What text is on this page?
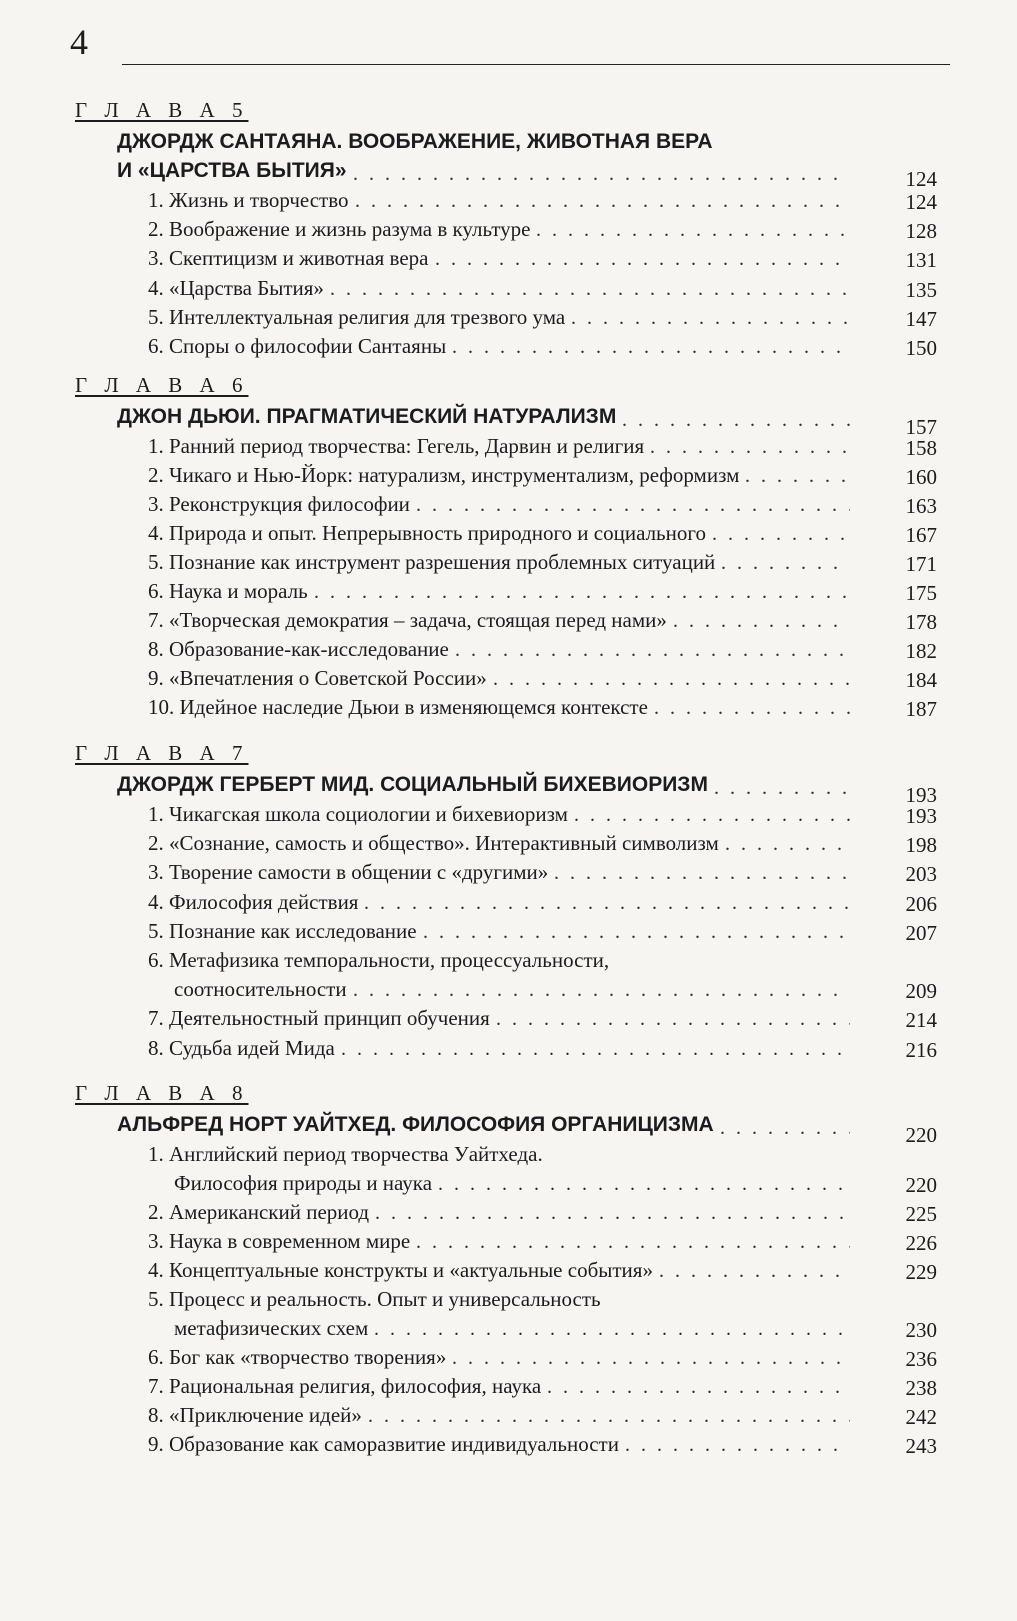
4
Г Л А В А 5
ДЖОРДЖ САНТАЯНА. ВООБРАЖЕНИЕ, ЖИВОТНАЯ ВЕРА
И «ЦАРСТВА БЫТИЯ»	124
. . .
1. Жизнь и творчество	124
. . .
2. Воображение и жизнь разума в культуре	128
. . .
3. Скептицизм и животная вера	131
. . .
4. «Царства Бытия»	135
. . .
5. Интеллектуальная религия для трезвого ума	147
. . .
6. Споры о философии Сантаяны	150
. . .
Г Л А В А 6
ДЖОН ДЬЮИ. ПРАГМАТИЧЕСКИЙ НАТУРАЛИЗМ	157
. . .
1. Ранний период творчества: Гегель, Дарвин и религия	158
. . .
2. Чикаго и Нью-Йорк: натурализм, инструментализм, реформизм	160
. . .
3. Реконструкция философии	163
. . .
4. Природа и опыт. Непрерывность природного и социального	167
. . .
5. Познание как инструмент разрешения проблемных ситуаций	171
. . .
6. Наука и мораль	175
. . .
7. «Творческая демократия – задача, стоящая перед нами»	178
. . .
8. Образование-как-исследование	182
. . .
9. «Впечатления о Советской России»	184
. . .
10. Идейное наследие Дьюи в изменяющемся контексте	187
. . .
Г Л А В А 7
ДЖОРДЖ ГЕРБЕРТ МИД. СОЦИАЛЬНЫЙ БИХЕВИОРИЗМ	193
. . .
1. Чикагская школа социологии и бихевиоризм	193
. . .
2. «Сознание, самость и общество». Интерактивный символизм	198
. . .
3. Творение самости в общении с «другими»	203
. . .
4. Философия действия	206
. . .
5. Познание как исследование	207
. . .
6. Метафизика темпоральности, процессуальности,
соотносительности	209
. . .
7. Деятельностный принцип обучения	214
. . .
8. Судьба идей Мида	216
. . .
Г Л А В А 8
АЛЬФРЕД НОРТ УАЙТХЕД. ФИЛОСОФИЯ ОРГАНИЦИЗМА	220
. . .
1. Английский период творчества Уайтхеда.
Философия природы и наука	220
. . .
2. Американский период	225
. . .
3. Наука в современном мире	226
. . .
4. Концептуальные конструкты и «актуальные события»	229
. . .
5. Процесс и реальность. Опыт и универсальность
метафизических схем	230
. . .
6. Бог как «творчество творения»	236
. . .
7. Рациональная религия, философия, наука	238
. . .
8. «Приключение идей»	242
. . .
9. Образование как саморазвитие индивидуальности	243
. . .
